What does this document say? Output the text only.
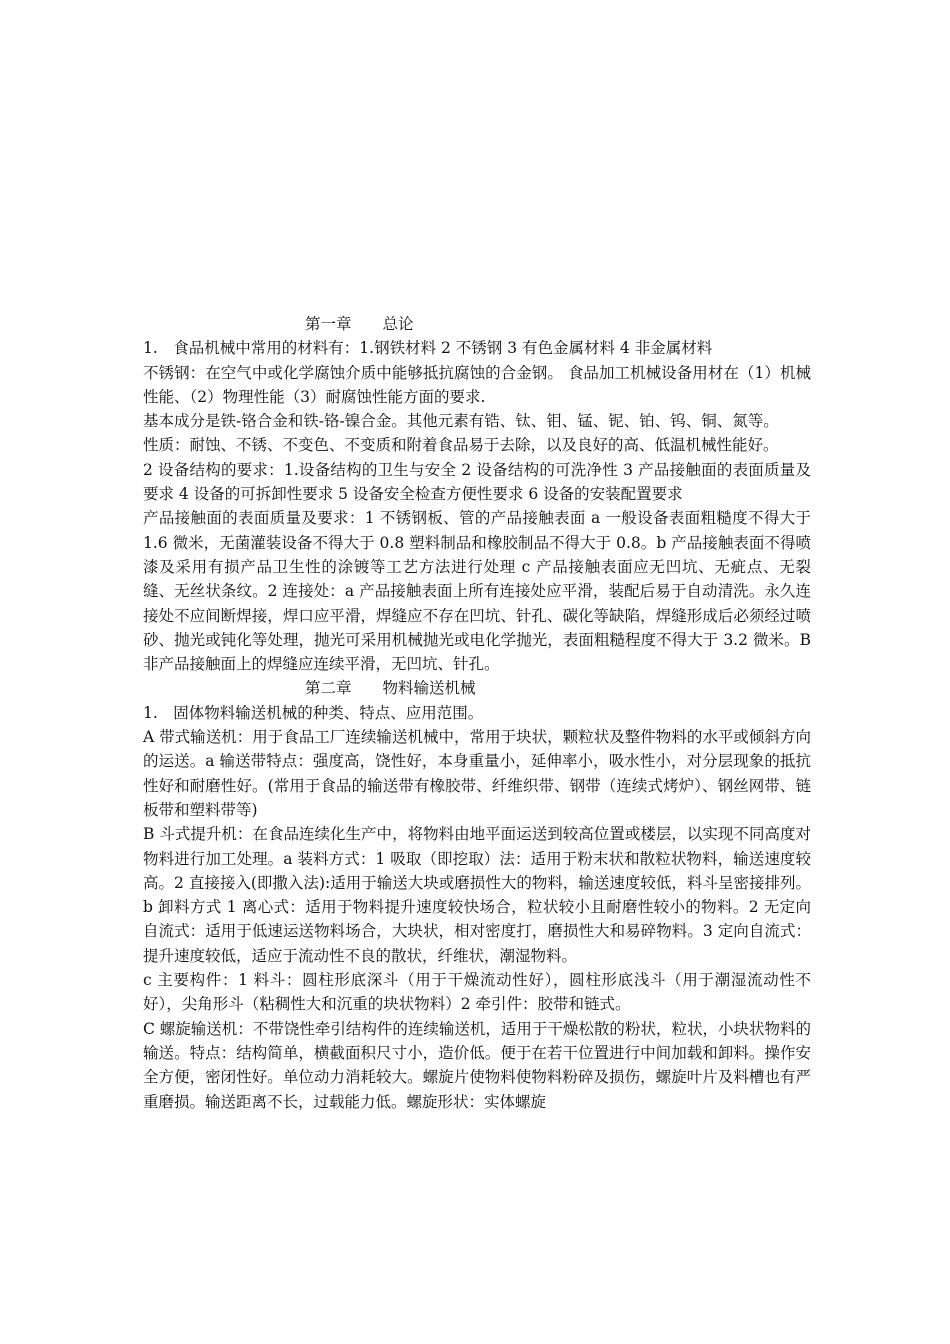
第一章　　总论

1.　食品机械中常用的材料有：1.钢铁材料 2 不锈钢 3 有色金属材料 4 非金属材料

不锈钢：在空气中或化学腐蚀介质中能够抵抗腐蚀的合金钢。 食品加工机械设备用材在（1）机械性能、（2）物理性能（3）耐腐蚀性能方面的要求.

基本成分是铁-铬合金和铁-铬-镍合金。其他元素有锆、钛、钼、锰、铌、铂、钨、铜、氮等。

性质：耐蚀、不锈、不变色、不变质和附着食品易于去除，以及良好的高、低温机械性能好。

2 设备结构的要求：1.设备结构的卫生与安全 2 设备结构的可洗净性 3 产品接触面的表面质量及要求 4 设备的可拆卸性要求 5 设备安全检查方便性要求 6 设备的安装配置要求

产品接触面的表面质量及要求：1 不锈钢板、管的产品接触表面 a 一般设备表面粗糙度不得大于 1.6 微米，无菌灌装设备不得大于 0.8 塑料制品和橡胶制品不得大于 0.8。b 产品接触表面不得喷漆及采用有损产品卫生性的涂镀等工艺方法进行处理 c 产品接触表面应无凹坑、无疵点、无裂缝、无丝状条纹。2 连接处：a 产品接触表面上所有连接处应平滑，装配后易于自动清洗。永久连接处不应间断焊接，焊口应平滑，焊缝应不存在凹坑、针孔、碳化等缺陷，焊缝形成后必须经过喷砂、抛光或钝化等处理，抛光可采用机械抛光或电化学抛光，表面粗糙程度不得大于 3.2 微米。B 非产品接触面上的焊缝应连续平滑，无凹坑、针孔。

第二章　　物料输送机械

1.　固体物料输送机械的种类、特点、应用范围。

A 带式输送机：用于食品工厂连续输送机械中，常用于块状，颗粒状及整件物料的水平或倾斜方向的运送。a 输送带特点：强度高，饶性好，本身重量小，延伸率小，吸水性小，对分层现象的抵抗性好和耐磨性好。(常用于食品的输送带有橡胶带、纤维织带、钢带（连续式烤炉）、钢丝网带、链板带和塑料带等)

B 斗式提升机：在食品连续化生产中，将物料由地平面运送到较高位置或楼层，以实现不同高度对物料进行加工处理。a 装料方式：1 吸取（即挖取）法：适用于粉末状和散粒状物料，输送速度较高。2 直接接入(即撒入法):适用于输送大块或磨损性大的物料，输送速度较低，料斗呈密接排列。b 卸料方式 1 离心式：适用于物料提升速度较快场合，粒状较小且耐磨性较小的物料。2 无定向自流式：适用于低速运送物料场合，大块状，相对密度打，磨损性大和易碎物料。3 定向自流式：提升速度较低，适应于流动性不良的散状，纤维状，潮湿物料。

c 主要构件：1 料斗：圆柱形底深斗（用于干燥流动性好），圆柱形底浅斗（用于潮湿流动性不好），尖角形斗（粘稠性大和沉重的块状物料）2 牵引件：胶带和链式。

C 螺旋输送机：不带饶性牵引结构件的连续输送机，适用于干燥松散的粉状，粒状，小块状物料的输送。特点：结构简单，横截面积尺寸小，造价低。便于在若干位置进行中间加载和卸料。操作安全方便，密闭性好。单位动力消耗较大。螺旋片使物料使物料粉碎及损伤，螺旋叶片及料槽也有严重磨损。输送距离不长，过载能力低。螺旋形状：实体螺旋
